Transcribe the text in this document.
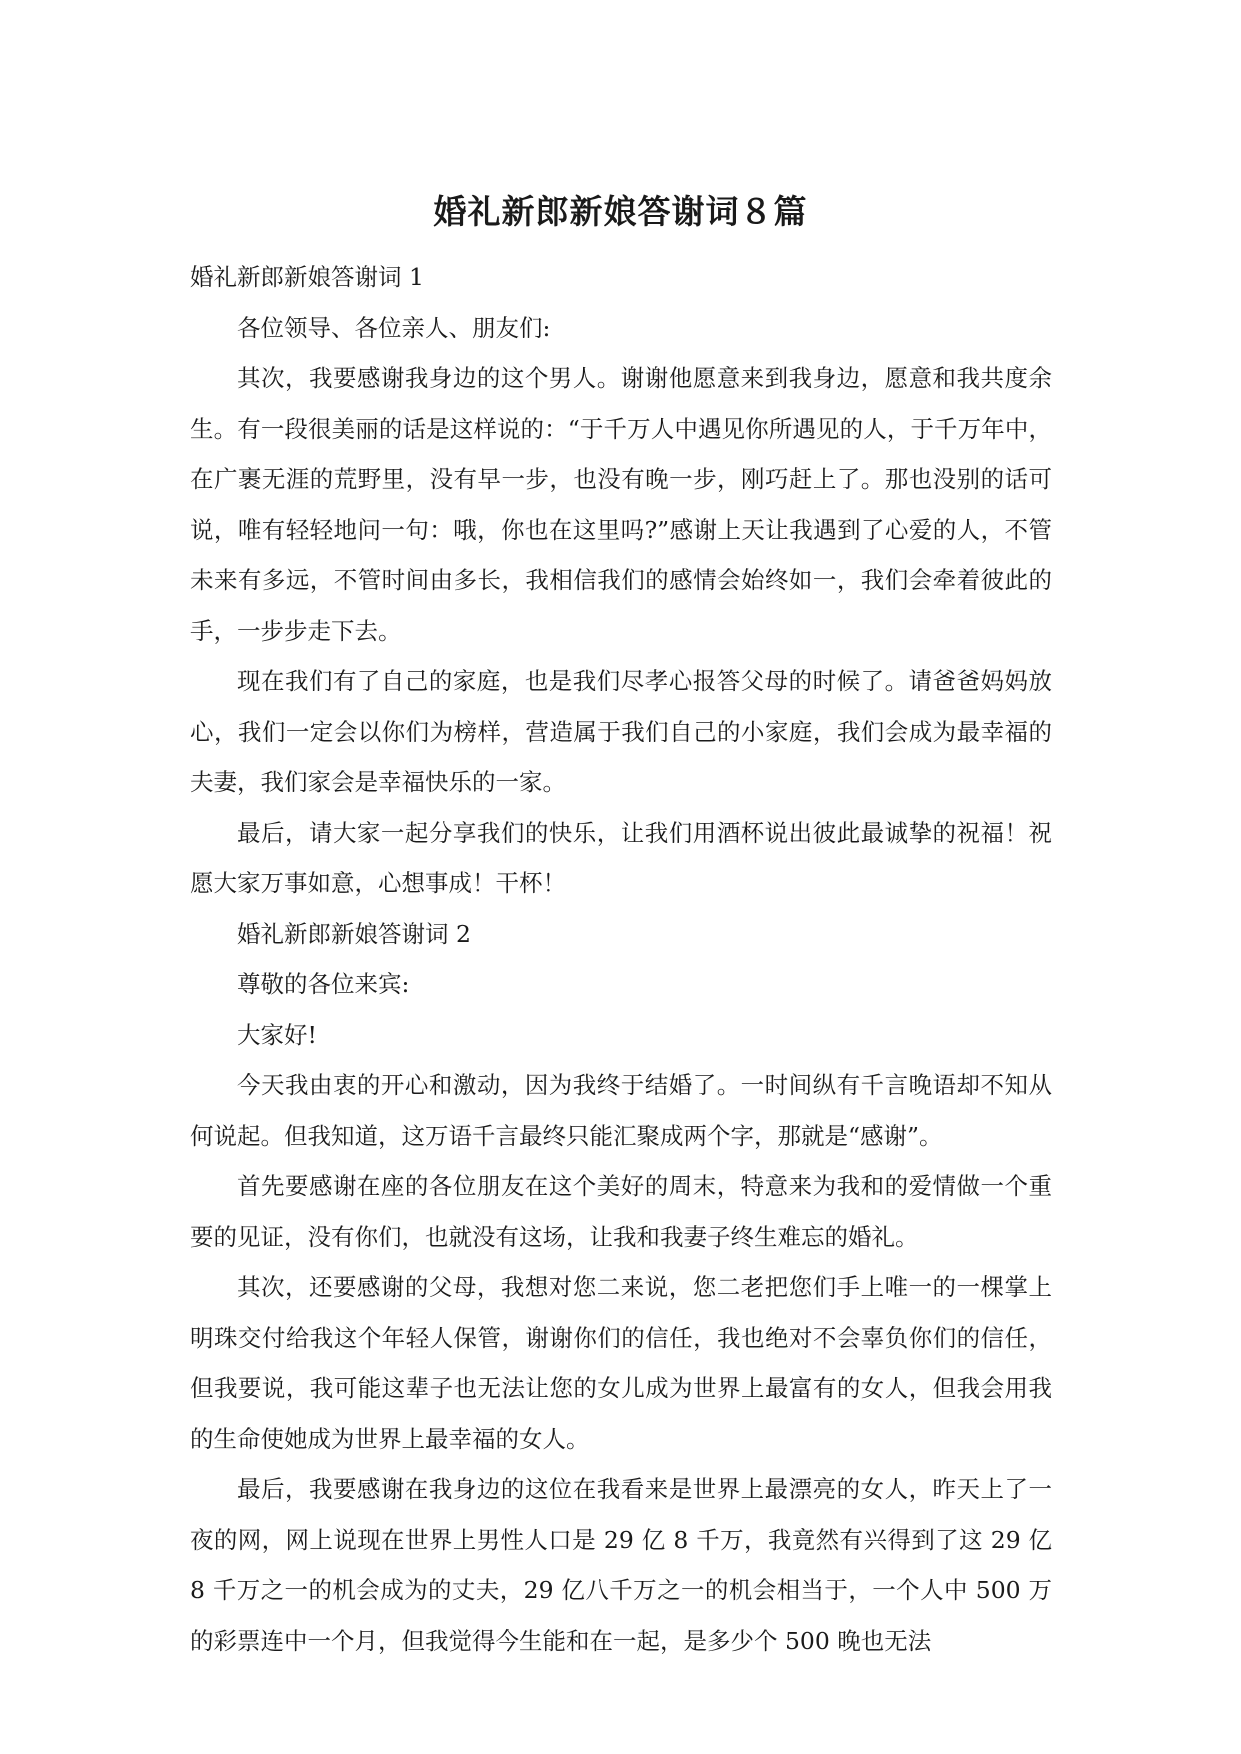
婚礼新郎新娘答谢词８篇

婚礼新郎新娘答谢词 1

各位领导、各位亲人、朋友们:

其次，我要感谢我身边的这个男人。谢谢他愿意来到我身边，愿意和我共度余生。有一段很美丽的话是这样说的：“于千万人中遇见你所遇见的人，于千万年中，在广裹无涯的荒野里，没有早一步，也没有晚一步，刚巧赶上了。那也没别的话可说，唯有轻轻地问一句：哦，你也在这里吗?”感谢上天让我遇到了心爱的人，不管未来有多远，不管时间由多长，我相信我们的感情会始终如一，我们会牵着彼此的手，一步步走下去。

现在我们有了自己的家庭，也是我们尽孝心报答父母的时候了。请爸爸妈妈放心，我们一定会以你们为榜样，营造属于我们自己的小家庭，我们会成为最幸福的夫妻，我们家会是幸福快乐的一家。

最后，请大家一起分享我们的快乐，让我们用酒杯说出彼此最诚挚的祝福！祝愿大家万事如意，心想事成！干杯！

婚礼新郎新娘答谢词 2

尊敬的各位来宾:

大家好!

今天我由衷的开心和激动，因为我终于结婚了。一时间纵有千言晚语却不知从何说起。但我知道，这万语千言最终只能汇聚成两个字，那就是“感谢”。

首先要感谢在座的各位朋友在这个美好的周末，特意来为我和的爱情做一个重要的见证，没有你们，也就没有这场，让我和我妻子终生难忘的婚礼。

其次，还要感谢的父母，我想对您二来说，您二老把您们手上唯一的一棵掌上明珠交付给我这个年轻人保管，谢谢你们的信任，我也绝对不会辜负你们的信任，但我要说，我可能这辈子也无法让您的女儿成为世界上最富有的女人，但我会用我的生命使她成为世界上最幸福的女人。

最后，我要感谢在我身边的这位在我看来是世界上最漂亮的女人，昨天上了一夜的网，网上说现在世界上男性人口是 29 亿 8 千万，我竟然有兴得到了这 29 亿 8 千万之一的机会成为的丈夫，29 亿八千万之一的机会相当于，一个人中 500 万的彩票连中一个月，但我觉得今生能和在一起，是多少个 500 晚也无法
